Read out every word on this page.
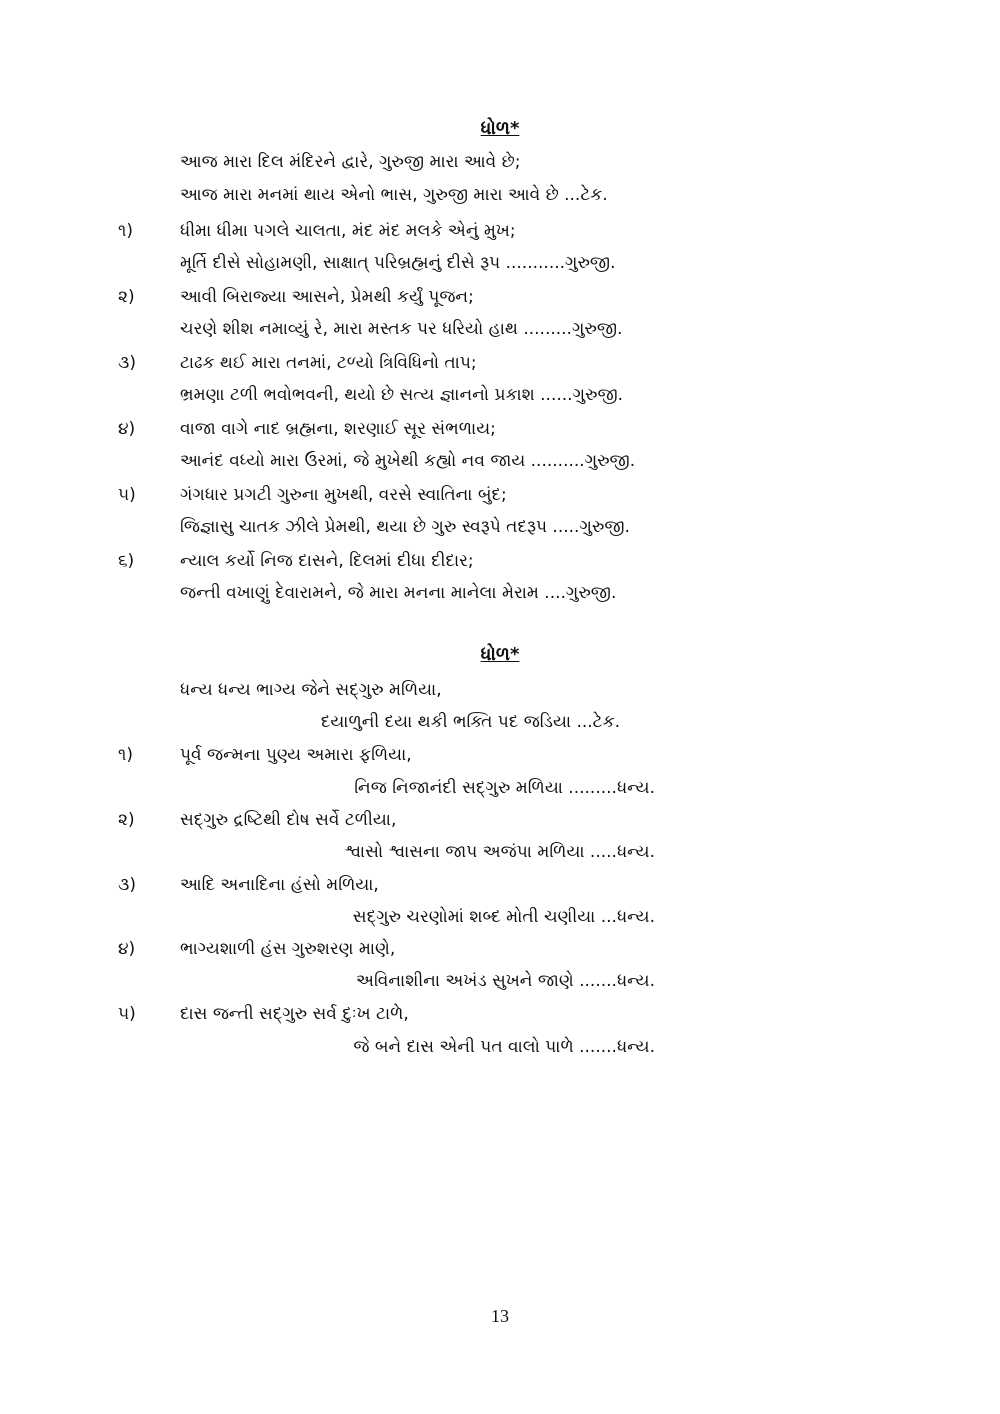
ધોળ*
આજ મારા દિલ મંદિરને દ્વારે, ગુરુજી મારા આવે છે;
આજ મારા મનમાં થાય એનો ભાસ, ગુરુજી મારા આવે છે ...ટેક.
૧)	ધીમા ધીમા પગલે ચાલતા, મંદ મંદ મલકે એનું મુખ;
મૂર્તિ દીસે સોહામણી, સાક્ષાત્ પરિબ્રહ્મનું દીસે રૂપ ...........ગુરુજી.
૨)	આવી બિરાજ્યા આસને, પ્રેમથી કર્યું પૂજન;
ચરણે શીશ નમાવ્યું રે, મારા મસ્તક પર ધરિયો હાથ .........ગુરુજી.
૩)	ટાઢક થઈ મારા તનમાં, ટળ્યો ત્રિવિધિનો તાપ;
ભ્રમણા ટળી ભવોભવની, થયો છે સત્ય જ્ઞાનનો પ્રકાશ ......ગુરુજી.
૪)	વાજા વાગે નાદ બ્રહ્મના, શરણાઈ સૂર સંભળાય;
આનંદ વધ્યો મારા ઉરમાં, જે મુખેથી કહ્યો નવ જાય ..........ગુરુજી.
૫)	ગંગધાર પ્રગટી ગુરુના મુખથી, વરસે સ્વાતિના બુંદ;
જિજ્ઞાસુ ચાતક ઝીલે પ્રેમથી, થયા છે ગુરુ સ્વરૂપે તદરૂપ .....ગુરુજી.
૬)	ન્યાલ કર્યો નિજ દાસને, દિલમાં દીધા દીદાર;
જન્તી વખાણું દેવારામને, જે મારા મનના માનેલા મેરામ ....ગુરુજી.
ધોળ*
ધન્ય ધન્ય ભાગ્ય જેને સદ્ગુરુ મળિયા,
દયાળુની દયા થકી ભક્તિ પદ જડિયા ...ટેક.
૧)	પૂર્વ જન્મના પુણ્ય અમારા ફળિયા,
નિજ નિજાનંદી સદ્ગુરુ મળિયા .........ધન્ય.
૨)	સદ્ગુરુ દ્રષ્ટિથી દોષ સર્વે ટળીયા,
શ્વાસો શ્વાસના જાપ અજંપા મળિયા .....ધન્ય.
૩)	આદિ અનાદિના હંસો મળિયા,
સદ્ગુરુ ચરણોમાં શબ્દ મોતી ચણીયા ...ધન્ય.
૪)	ભાગ્યશાળી હંસ ગુરુશરણ માણે,
અવિનાશીના અખંડ સુખને જાણે .......ધન્ય.
૫)	દાસ જન્તી સદ્ગુરુ સર્વ દુઃખ ટાળે,
જે બને દાસ એની પત વાલો પાળે .......ધન્ય.
13
